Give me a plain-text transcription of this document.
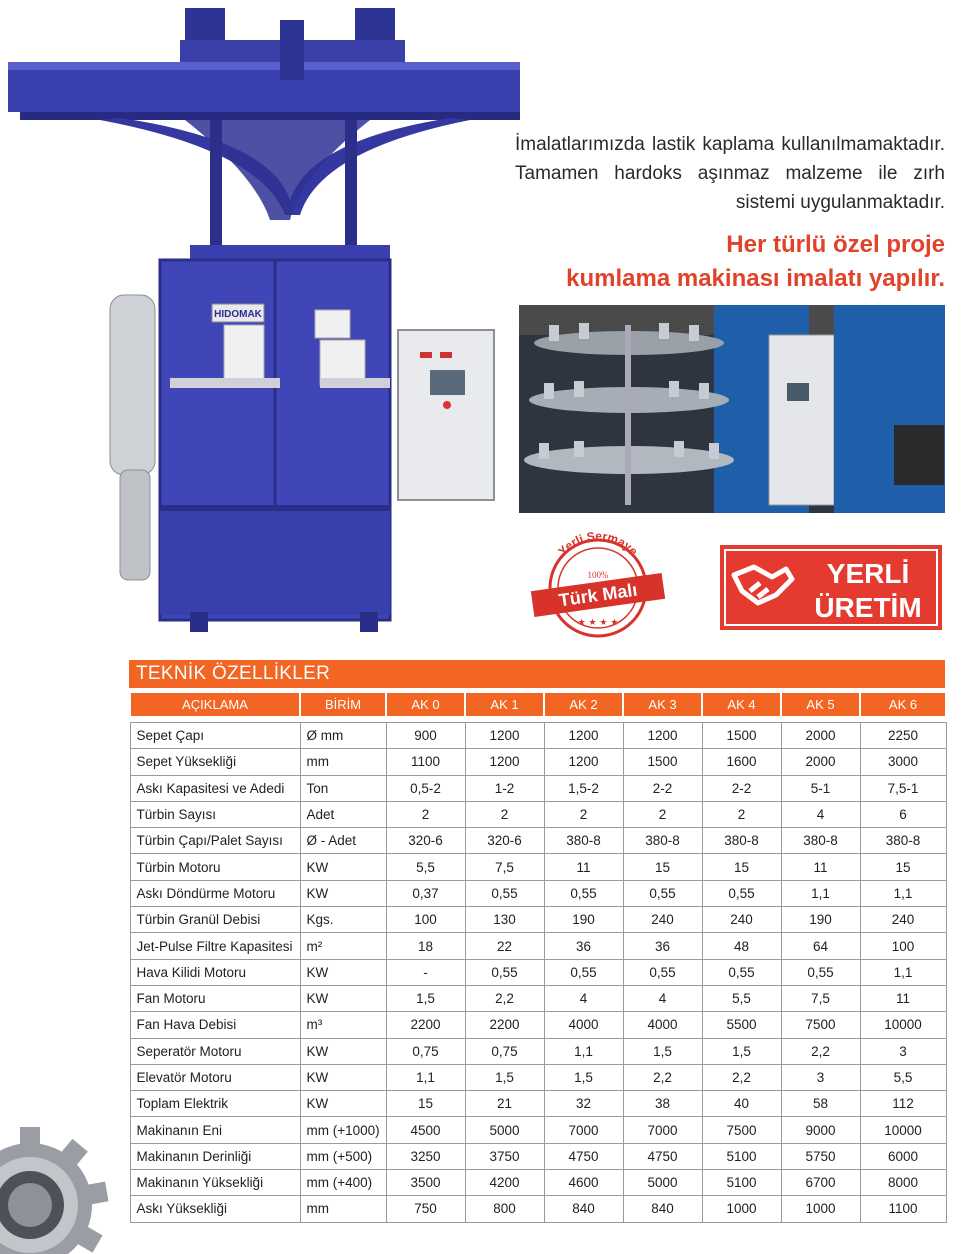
HIDOMAK
İmalatlarımızda lastik kaplama kullanılmamaktadır. Tamamen hardoks aşınmaz malzeme ile zırh sistemi uygulanmaktadır.
Her türlü özel proje
kumlama makinası imalatı yapılır.
Yerli Sermaye
100%
Türk Malı
★ ★ ★ ★
YERLİ
ÜRETİM
TEKNİK ÖZELLİKLER
AÇIKLAMA	BİRİM	AK 0	AK 1	AK 2	AK 3	AK 4	AK 5	AK 6

Sepet Çapı	Ø mm	900	1200	1200	1200	1500	2000	2250
Sepet Yüksekliği	mm	1100	1200	1200	1500	1600	2000	3000
Askı Kapasitesi ve Adedi	Ton	0,5-2	1-2	1,5-2	2-2	2-2	5-1	7,5-1
Türbin Sayısı	Adet	2	2	2	2	2	4	6
Türbin Çapı/Palet Sayısı	Ø - Adet	320-6	320-6	380-8	380-8	380-8	380-8	380-8
Türbin Motoru	KW	5,5	7,5	11	15	15	11	15
Askı Döndürme Motoru	KW	0,37	0,55	0,55	0,55	0,55	1,1	1,1
Türbin Granül Debisi	Kgs.	100	130	190	240	240	190	240
Jet-Pulse Filtre Kapasitesi	m²	18	22	36	36	48	64	100
Hava Kilidi Motoru	KW	-	0,55	0,55	0,55	0,55	0,55	1,1
Fan Motoru	KW	1,5	2,2	4	4	5,5	7,5	11
Fan Hava Debisi	m³	2200	2200	4000	4000	5500	7500	10000
Seperatör Motoru	KW	0,75	0,75	1,1	1,5	1,5	2,2	3
Elevatör Motoru	KW	1,1	1,5	1,5	2,2	2,2	3	5,5
Toplam Elektrik	KW	15	21	32	38	40	58	112
Makinanın Eni	mm (+1000)	4500	5000	7000	7000	7500	9000	10000
Makinanın Derinliği	mm (+500)	3250	3750	4750	4750	5100	5750	6000
Makinanın Yüksekliği	mm (+400)	3500	4200	4600	5000	5100	6700	8000
Askı Yüksekliği	mm	750	800	840	840	1000	1000	1100
